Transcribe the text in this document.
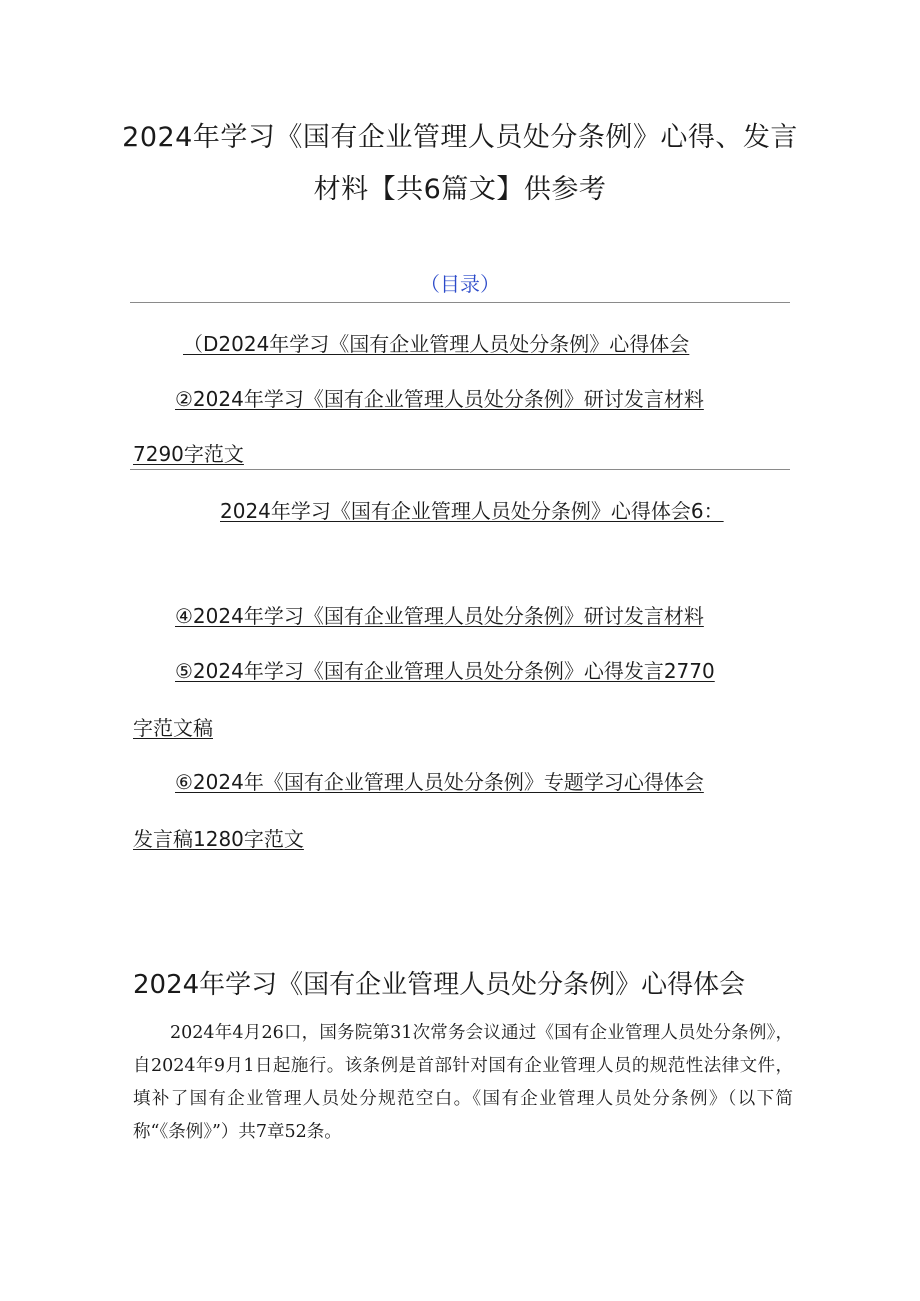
2024年学习《国有企业管理人员处分条例》心得、发言材料【共6篇文】供参考
（目录）
（D2024年学习《国有企业管理人员处分条例》心得体会
②2024年学习《国有企业管理人员处分条例》研讨发言材料
7290字范文
2024年学习《国有企业管理人员处分条例》心得体会6：
④2024年学习《国有企业管理人员处分条例》研讨发言材料
⑤2024年学习《国有企业管理人员处分条例》心得发言2770
字范文稿
⑥2024年《国有企业管理人员处分条例》专题学习心得体会
发言稿1280字范文
2024年学习《国有企业管理人员处分条例》心得体会
2024年4月26口，国务院第31次常务会议通过《国有企业管理人员处分条例》，自2024年9月1日起施行。该条例是首部针对国有企业管理人员的规范性法律文件，填补了国有企业管理人员处分规范空白。《国有企业管理人员处分条例》（以下简称“《条例》”）共7章52条。
